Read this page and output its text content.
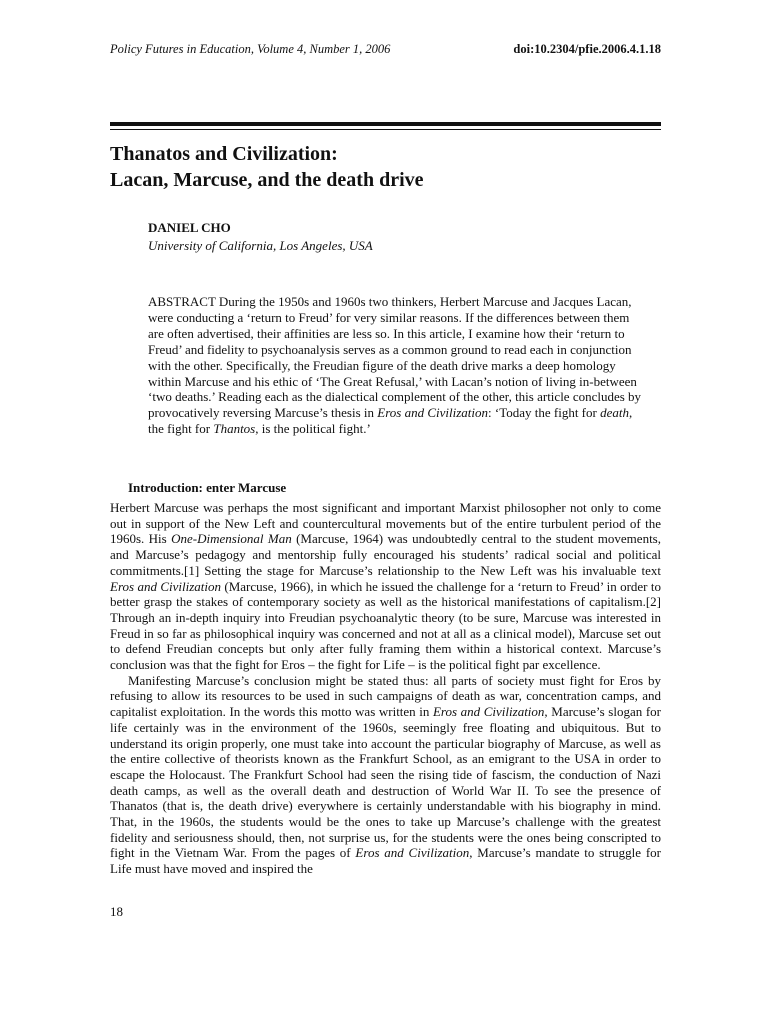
Policy Futures in Education, Volume 4, Number 1, 2006	doi:10.2304/pfie.2006.4.1.18
Thanatos and Civilization:
Lacan, Marcuse, and the death drive
DANIEL CHO
University of California, Los Angeles, USA

ABSTRACT During the 1950s and 1960s two thinkers, Herbert Marcuse and Jacques Lacan, were conducting a ‘return to Freud’ for very similar reasons. If the differences between them are often advertised, their affinities are less so. In this article, I examine how their ‘return to Freud’ and fidelity to psychoanalysis serves as a common ground to read each in conjunction with the other. Specifically, the Freudian figure of the death drive marks a deep homology within Marcuse and his ethic of ‘The Great Refusal,’ with Lacan’s notion of living in-between ‘two deaths.’ Reading each as the dialectical complement of the other, this article concludes by provocatively reversing Marcuse’s thesis in Eros and Civilization: ‘Today the fight for death, the fight for Thantos, is the political fight.’

Introduction: enter Marcuse

Herbert Marcuse was perhaps the most significant and important Marxist philosopher not only to come out in support of the New Left and countercultural movements but of the entire turbulent period of the 1960s. His One-Dimensional Man (Marcuse, 1964) was undoubtedly central to the student movements, and Marcuse’s pedagogy and mentorship fully encouraged his students’ radical social and political commitments.[1] Setting the stage for Marcuse’s relationship to the New Left was his invaluable text Eros and Civilization (Marcuse, 1966), in which he issued the challenge for a ‘return to Freud’ in order to better grasp the stakes of contemporary society as well as the historical manifestations of capitalism.[2] Through an in-depth inquiry into Freudian psychoanalytic theory (to be sure, Marcuse was interested in Freud in so far as philosophical inquiry was concerned and not at all as a clinical model), Marcuse set out to defend Freudian concepts but only after fully framing them within a historical context. Marcuse’s conclusion was that the fight for Eros – the fight for Life – is the political fight par excellence.

Manifesting Marcuse’s conclusion might be stated thus: all parts of society must fight for Eros by refusing to allow its resources to be used in such campaigns of death as war, concentration camps, and capitalist exploitation. In the words this motto was written in Eros and Civilization, Marcuse’s slogan for life certainly was in the environment of the 1960s, seemingly free floating and ubiquitous. But to understand its origin properly, one must take into account the particular biography of Marcuse, as well as the entire collective of theorists known as the Frankfurt School, as an emigrant to the USA in order to escape the Holocaust. The Frankfurt School had seen the rising tide of fascism, the conduction of Nazi death camps, as well as the overall death and destruction of World War II. To see the presence of Thanatos (that is, the death drive) everywhere is certainly understandable with his biography in mind. That, in the 1960s, the students would be the ones to take up Marcuse’s challenge with the greatest fidelity and seriousness should, then, not surprise us, for the students were the ones being conscripted to fight in the Vietnam War. From the pages of Eros and Civilization, Marcuse’s mandate to struggle for Life must have moved and inspired the

18
